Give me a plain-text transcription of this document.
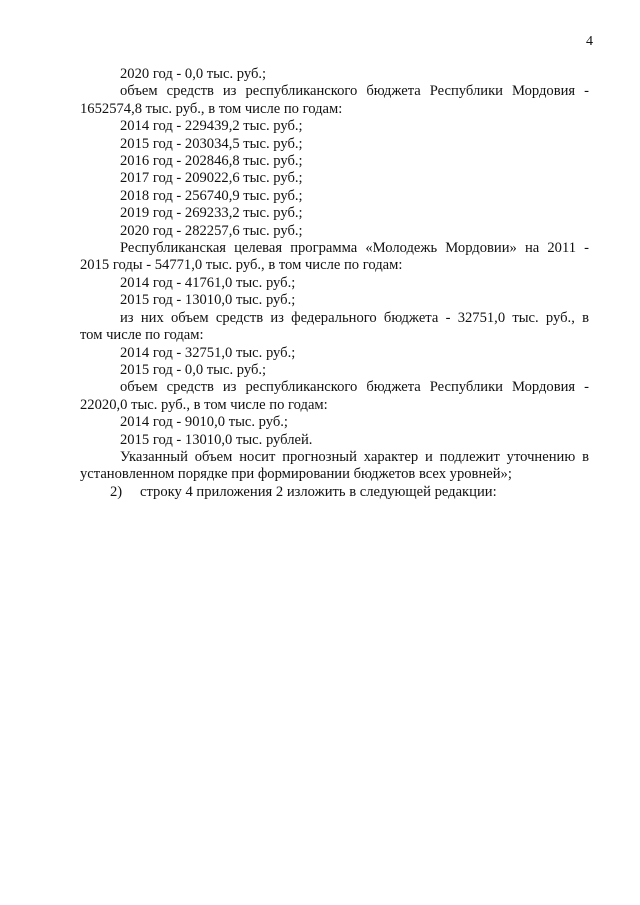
4
2020 год - 0,0 тыс. руб.;
объем средств из республиканского бюджета Республики Мордовия -
1652574,8 тыс. руб., в том числе по годам:
2014 год - 229439,2 тыс. руб.;
2015 год - 203034,5 тыс. руб.;
2016 год - 202846,8 тыс. руб.;
2017 год - 209022,6 тыс. руб.;
2018 год - 256740,9 тыс. руб.;
2019 год - 269233,2 тыс. руб.;
2020 год - 282257,6 тыс. руб.;
Республиканская целевая программа «Молодежь Мордовии» на 2011 -
2015 годы - 54771,0 тыс. руб., в том числе по годам:
2014 год - 41761,0 тыс. руб.;
2015 год - 13010,0 тыс. руб.;
из них объем средств из федерального бюджета - 32751,0 тыс. руб., в
том числе по годам:
2014 год - 32751,0 тыс. руб.;
2015 год - 0,0 тыс. руб.;
объем средств из республиканского бюджета Республики Мордовия -
22020,0 тыс. руб., в том числе по годам:
2014 год - 9010,0 тыс. руб.;
2015 год - 13010,0 тыс. рублей.
Указанный объем носит прогнозный характер и подлежит уточнению в
установленном порядке при формировании бюджетов всех уровней»;
2) строку 4 приложения 2 изложить в следующей редакции:
